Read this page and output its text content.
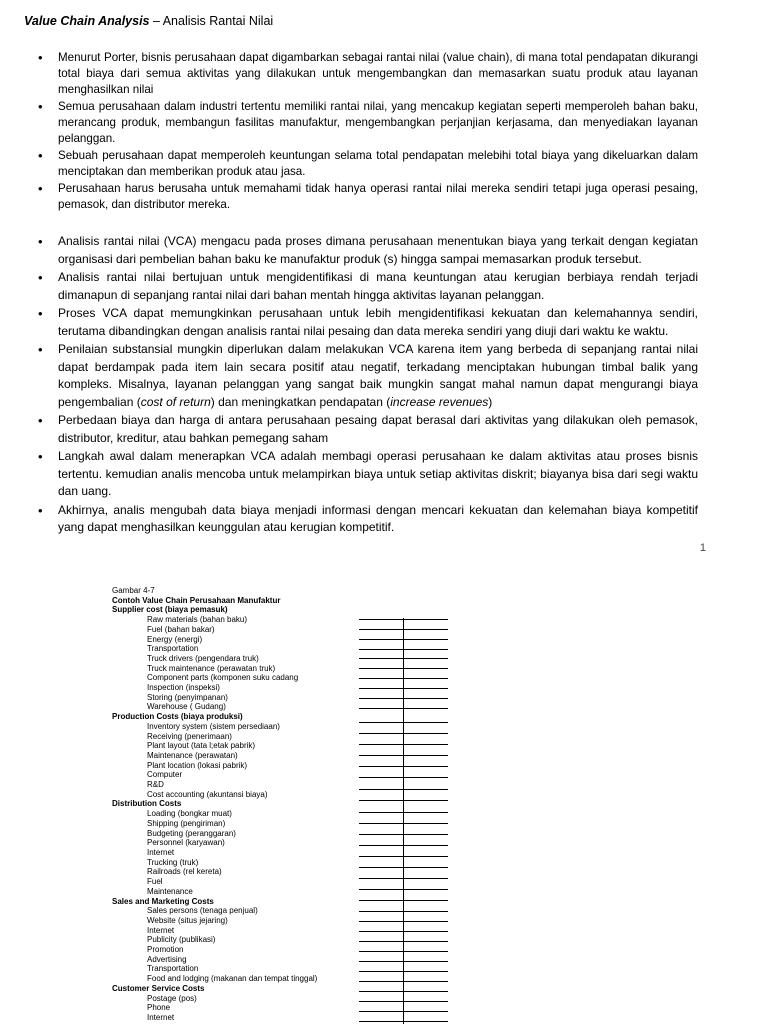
Value Chain Analysis – Analisis Rantai Nilai
• Menurut Porter, bisnis perusahaan dapat digambarkan sebagai rantai nilai (value chain), di mana total pendapatan dikurangi total biaya dari semua aktivitas yang dilakukan untuk mengembangkan dan memasarkan suatu produk atau layanan menghasilkan nilai
• Semua perusahaan dalam industri tertentu memiliki rantai nilai, yang mencakup kegiatan seperti memperoleh bahan baku, merancang produk, membangun fasilitas manufaktur, mengembangkan perjanjian kerjasama, dan menyediakan layanan pelanggan.
• Sebuah perusahaan dapat memperoleh keuntungan selama total pendapatan melebihi total biaya yang dikeluarkan dalam menciptakan dan memberikan produk atau jasa.
• Perusahaan harus berusaha untuk memahami tidak hanya operasi rantai nilai mereka sendiri tetapi juga operasi pesaing, pemasok, dan distributor mereka.
• Analisis rantai nilai (VCA) mengacu pada proses dimana perusahaan menentukan biaya yang terkait dengan kegiatan organisasi dari pembelian bahan baku ke manufaktur produk (s) hingga sampai memasarkan produk tersebut.
• Analisis rantai nilai bertujuan untuk mengidentifikasi di mana keuntungan atau kerugian berbiaya rendah terjadi dimanapun di sepanjang rantai nilai dari bahan mentah hingga aktivitas layanan pelanggan.
• Proses VCA dapat memungkinkan perusahaan untuk lebih mengidentifikasi kekuatan dan kelemahannya sendiri, terutama dibandingkan dengan analisis rantai nilai pesaing dan data mereka sendiri yang diuji dari waktu ke waktu.
• Penilaian substansial mungkin diperlukan dalam melakukan VCA karena item yang berbeda di sepanjang rantai nilai dapat berdampak pada item lain secara positif atau negatif, terkadang menciptakan hubungan timbal balik yang kompleks. Misalnya, layanan pelanggan yang sangat baik mungkin sangat mahal namun dapat mengurangi biaya pengembalian (cost of return) dan meningkatkan pendapatan (increase revenues)
• Perbedaan biaya dan harga di antara perusahaan pesaing dapat berasal dari aktivitas yang dilakukan oleh pemasok, distributor, kreditur, atau bahkan pemegang saham
• Langkah awal dalam menerapkan VCA adalah membagi operasi perusahaan ke dalam aktivitas atau proses bisnis tertentu. kemudian analis mencoba untuk melampirkan biaya untuk setiap aktivitas diskrit; biayanya bisa dari segi waktu dan uang.
• Akhirnya, analis mengubah data biaya menjadi informasi dengan mencari kekuatan dan kelemahan biaya kompetitif yang dapat menghasilkan keunggulan atau kerugian kompetitif.
1
Gambar 4-7
Contoh Value Chain Perusahaan Manufaktur
Supplier cost (biaya pemasuk)
Raw materials (bahan baku)
Fuel (bahan bakar)
Energy (energi)
Transportation
Truck drivers (pengendara truk)
Truck maintenance (perawatan truk)
Component parts (komponen suku cadang
Inspection (inspeksi)
Storing (penyimpanan)
Warehouse ( Gudang)
Production Costs (biaya produksi)
Inventory system (sistem persediaan)
Receiving (penerimaan)
Plant layout (tata l;etak pabrik)
Maintenance (perawatan)
Plant location (lokasi pabrik)
Computer
R&D
Cost accounting (akuntansi biaya)
Distribution Costs
Loading (bongkar muat)
Shipping (pengiriman)
Budgeting (peranggaran)
Personnel (karyawan)
Internet
Trucking (truk)
Railroads (rel kereta)
Fuel
Maintenance
Sales and Marketing Costs
Sales persons (tenaga penjual)
Website (situs jejaring)
Internet
Publicity (publikasi)
Promotion
Advertising
Transportation
Food and lodging (makanan dan tempat tinggal)
Customer Service Costs
Postage (pos)
Phone
Internet
